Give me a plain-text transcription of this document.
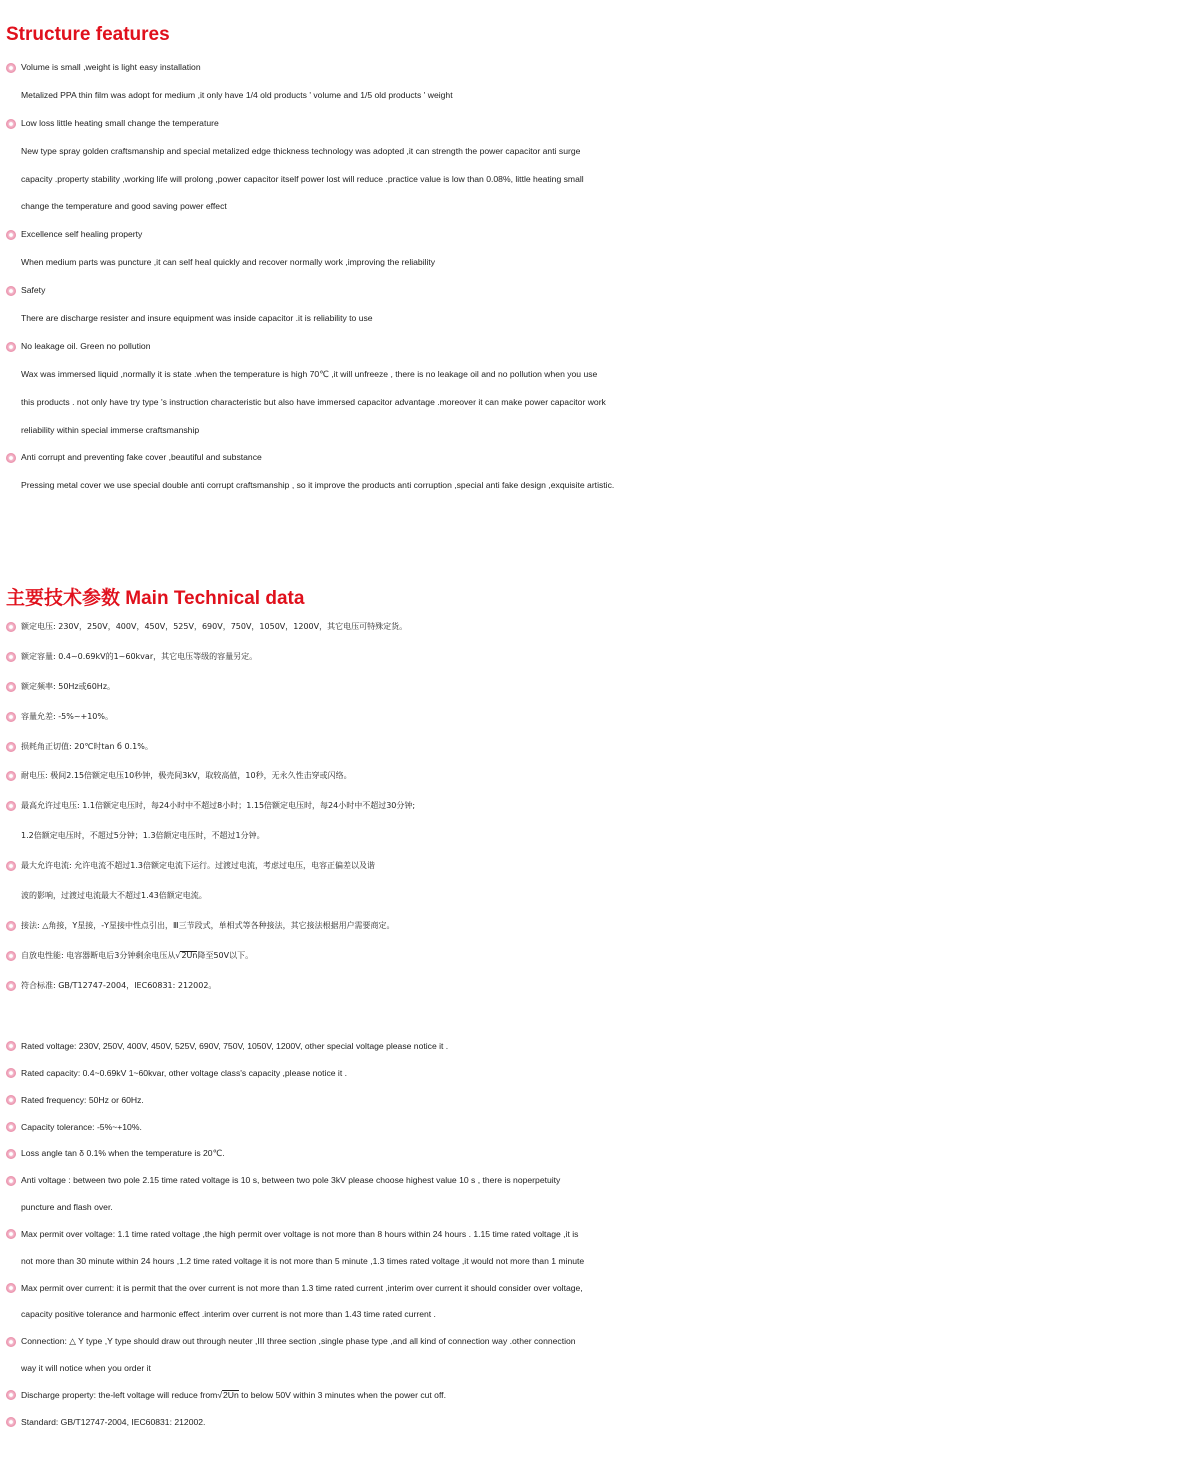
Structure features
Volume is small ,weight is light easy installation
Metalized PPA thin film was adopt for medium ,it only have 1/4 old products ' volume and 1/5 old products ' weight
Low loss little heating small change the temperature
New type spray golden craftsmanship and special metalized edge thickness technology was adopted ,it can strength the power capacitor anti surge
capacity .property stability ,working life will prolong ,power capacitor itself power lost will reduce .practice value is low than 0.08%, little heating small
change the temperature and good saving power effect
Excellence self healing property
When medium parts was puncture ,it can self heal quickly and recover normally work ,improving the reliability
Safety
There are discharge resister and insure equipment was inside capacitor .it is reliability to use
No leakage oil. Green no pollution
Wax was immersed liquid ,normally it is state .when the temperature is high 70℃ ,it will unfreeze , there is no leakage oil and no pollution when you use
this products . not only have try type 's instruction characteristic but also have immersed capacitor advantage .moreover it can make power capacitor work
reliability within special immerse craftsmanship
Anti corrupt and preventing fake cover ,beautiful and substance
Pressing metal cover we use special double anti corrupt craftsmanship , so it improve the products anti corruption ,special anti fake design ,exquisite artistic.
主要技术参数 Main Technical data
额定电压: 230V，250V，400V，450V，525V，690V，750V，1050V，1200V，其它电压可特殊定货。
额定容量: 0.4~0.69kV的1~60kvar，其它电压等级的容量另定。
额定频率: 50Hz或60Hz。
容量允差: -5%~+10%。
损耗角正切值: 20℃时tan б 0.1%。
耐电压: 极间2.15倍额定电压10秒钟，极壳间3kV，取较高值，10秒，无永久性击穿或闪络。
最高允许过电压: 1.1倍额定电压时，每24小时中不超过8小时；1.15倍额定电压时，每24小时中不超过30分钟;
1.2倍额定电压时，不超过5分钟；1.3倍额定电压时，不超过1分钟。
最大允许电流: 允许电流不超过1.3倍额定电流下运行。过渡过电流，考虑过电压，电容正偏差以及谐
波的影响，过渡过电流最大不超过1.43倍额定电流。
接法: △角接，Y星接，-Y星接中性点引出，Ⅲ三节段式，单相式等各种接法，其它接法根据用户需要商定。
自放电性能: 电容器断电后3分钟剩余电压从√2Un降至50V以下。
符合标准: GB/T12747-2004，IEC60831: 212002。
Rated voltage: 230V, 250V, 400V, 450V, 525V, 690V, 750V, 1050V, 1200V, other special voltage please notice it .
Rated capacity: 0.4~0.69kV 1~60kvar, other voltage class's capacity ,please notice it .
Rated frequency: 50Hz or 60Hz.
Capacity tolerance: -5%~+10%.
Loss angle tan δ 0.1% when the temperature is 20℃.
Anti voltage : between two pole 2.15 time rated voltage is 10 s, between two pole 3kV please choose highest value 10 s , there is noperpetuity
puncture and flash over.
Max permit over voltage: 1.1 time rated voltage ,the high permit over voltage is not more than 8 hours within 24 hours . 1.15 time rated voltage ,it is
not more than 30 minute within 24 hours ,1.2 time rated voltage it is not more than 5 minute ,1.3 times rated voltage ,it would not more than 1 minute
Max permit over current: it is permit that the over current is not more than 1.3 time rated current ,interim over current it should consider over voltage,
capacity positive tolerance and harmonic effect .interim over current is not more than 1.43 time rated current .
Connection: △ Y type ,Y type should draw out through neuter ,III three section ,single phase type ,and all kind of connection way .other connection
way it will notice when you order it
Discharge property: the-left voltage will reduce from√2Un to below 50V within 3 minutes when the power cut off.
Standard: GB/T12747-2004, IEC60831: 212002.
